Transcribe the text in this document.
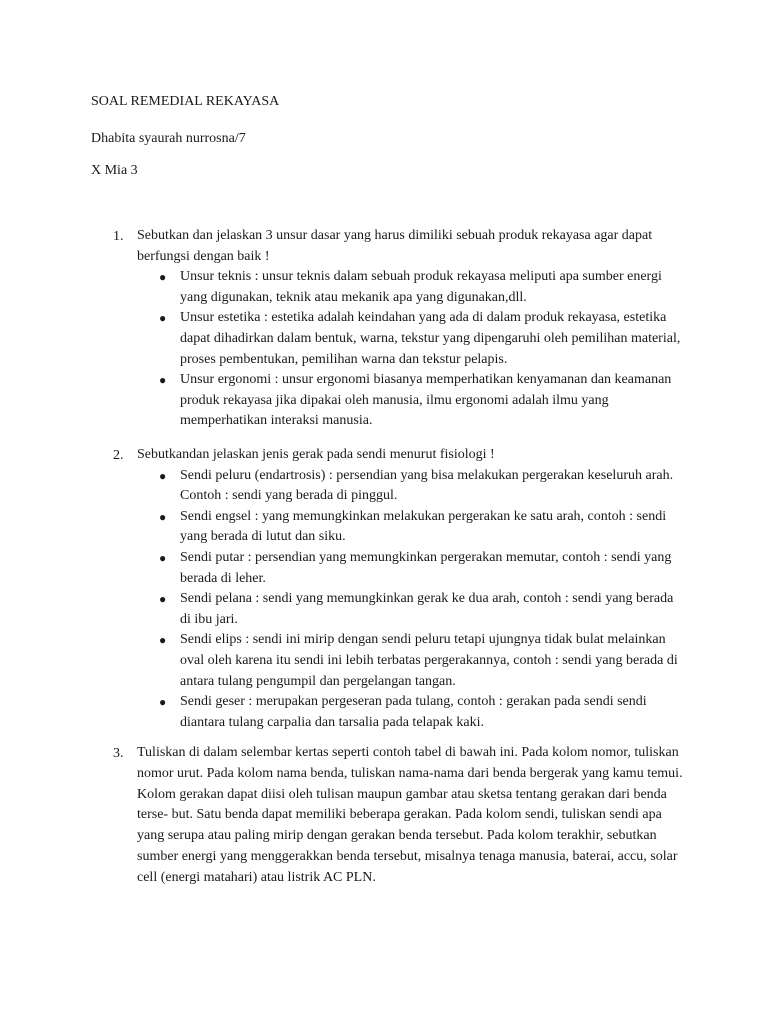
SOAL REMEDIAL REKAYASA

Dhabita syaurah nurrosna/7

X Mia 3

1. Sebutkan dan jelaskan 3 unsur dasar yang harus dimiliki sebuah produk rekayasa agar dapat berfungsi dengan baik !
● Unsur teknis : unsur teknis dalam sebuah produk rekayasa meliputi apa sumber energi yang digunakan, teknik atau mekanik apa yang digunakan,dll.
● Unsur estetika : estetika adalah keindahan yang ada di dalam produk rekayasa, estetika dapat dihadirkan dalam bentuk, warna, tekstur yang dipengaruhi oleh pemilihan material, proses pembentukan, pemilihan warna dan tekstur pelapis.
● Unsur ergonomi : unsur ergonomi biasanya memperhatikan kenyamanan dan keamanan produk rekayasa jika dipakai oleh manusia, ilmu ergonomi adalah ilmu yang memperhatikan interaksi manusia.
2. Sebutkandan jelaskan jenis gerak pada sendi menurut fisiologi !
● Sendi peluru (endartrosis) : persendian yang bisa melakukan pergerakan keseluruh arah. Contoh : sendi yang berada di pinggul.
● Sendi engsel : yang memungkinkan melakukan pergerakan ke satu arah, contoh : sendi yang berada di lutut dan siku.
● Sendi putar : persendian yang memungkinkan pergerakan memutar, contoh : sendi yang berada di leher.
● Sendi pelana : sendi yang memungkinkan gerak ke dua arah, contoh : sendi yang berada di ibu jari.
● Sendi elips : sendi ini mirip dengan sendi peluru tetapi ujungnya tidak bulat melainkan oval oleh karena itu sendi ini lebih terbatas pergerakannya, contoh : sendi yang berada di antara tulang pengumpil dan pergelangan tangan.
● Sendi geser : merupakan pergeseran pada tulang, contoh : gerakan pada sendi sendi diantara tulang carpalia dan tarsalia pada telapak kaki.
3. Tuliskan di dalam selembar kertas seperti contoh tabel di bawah ini. Pada kolom nomor, tuliskan nomor urut. Pada kolom nama benda, tuliskan nama-nama dari benda bergerak yang kamu temui. Kolom gerakan dapat diisi oleh tulisan maupun gambar atau sketsa tentang gerakan dari benda terse- but. Satu benda dapat memiliki beberapa gerakan. Pada kolom sendi, tuliskan sendi apa yang serupa atau paling mirip dengan gerakan benda tersebut. Pada kolom terakhir, sebutkan sumber energi yang menggerakkan benda tersebut, misalnya tenaga manusia, baterai, accu, solar cell (energi matahari) atau listrik AC PLN.
